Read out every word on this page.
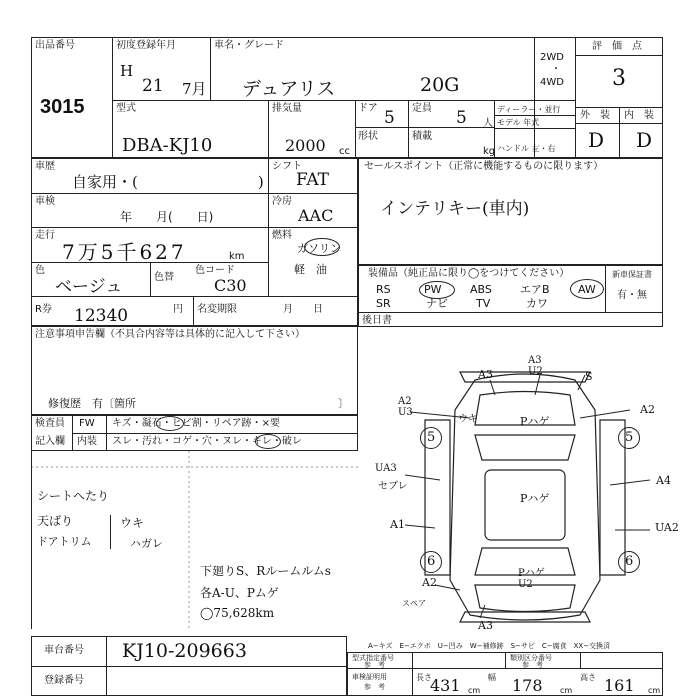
出品番号
3015
初度登録年月
H
21 7月
車名・グレード
デュアリス	20G
2WD
・
4WD
評　価　点
3
型式
DBA-KJ10
排気量
2000 cc
ドア 5 定員 5 人
形状	積載
kg
ディーラー・並行
モデル 年式
ハンドル 左・右
外　装 内　装
D D
車歴
自家用・(　　　　　　　　)
車検
年　　月(　　日)
走行
7万5千627	km
色
ベージュ	色替
色コード
C30
R券 12340	円 名変期限	月　　日
シフト
FAT
冷房
AAC
燃料
ガソリン
軽　油
セールスポイント（正常に機能するものに限ります）
インテリキー(車内)
装備品（純正品に限り◯をつけてください）	新車保証書
有・無
後日書
注意事項申告欄（不具合内容等は具体的に記入して下さい）
修復歴　有〔箇所	〕
検査員
記入欄
FW
内装
キズ・凝石・ヒビ割・リペア跡・×要
スレ・汚れ・コゲ・穴・ヌレ・キレ・破レ
シートへたり
天ばり
ドアトリム
ウキ
ハガレ
下廻りS、Rルームルムs
各A-U、Pムゲ
◯75,628km
5	5
6	6
A3
A3
U2	S
A2
U3
ウキ	Pハゲ
A2
UA3
セブレ
Pハゲ
A4
A1	UA2
A2
Pハゲ
U2
スペア
A3
A−キズ　E−エクボ　U−凹み　W−補修跡　S−サビ　C−腐食　XX−交換済
車台番号 KJ10-209663
登録番号
型式指定番号
参　考
類別区分番号
参　考
車検証明用
参　考
長さ
431 cm
幅 178 cm
高さ 161 cm
RS	PW	ABS	エアB	AW
SR	ナビ	TV	カワ
